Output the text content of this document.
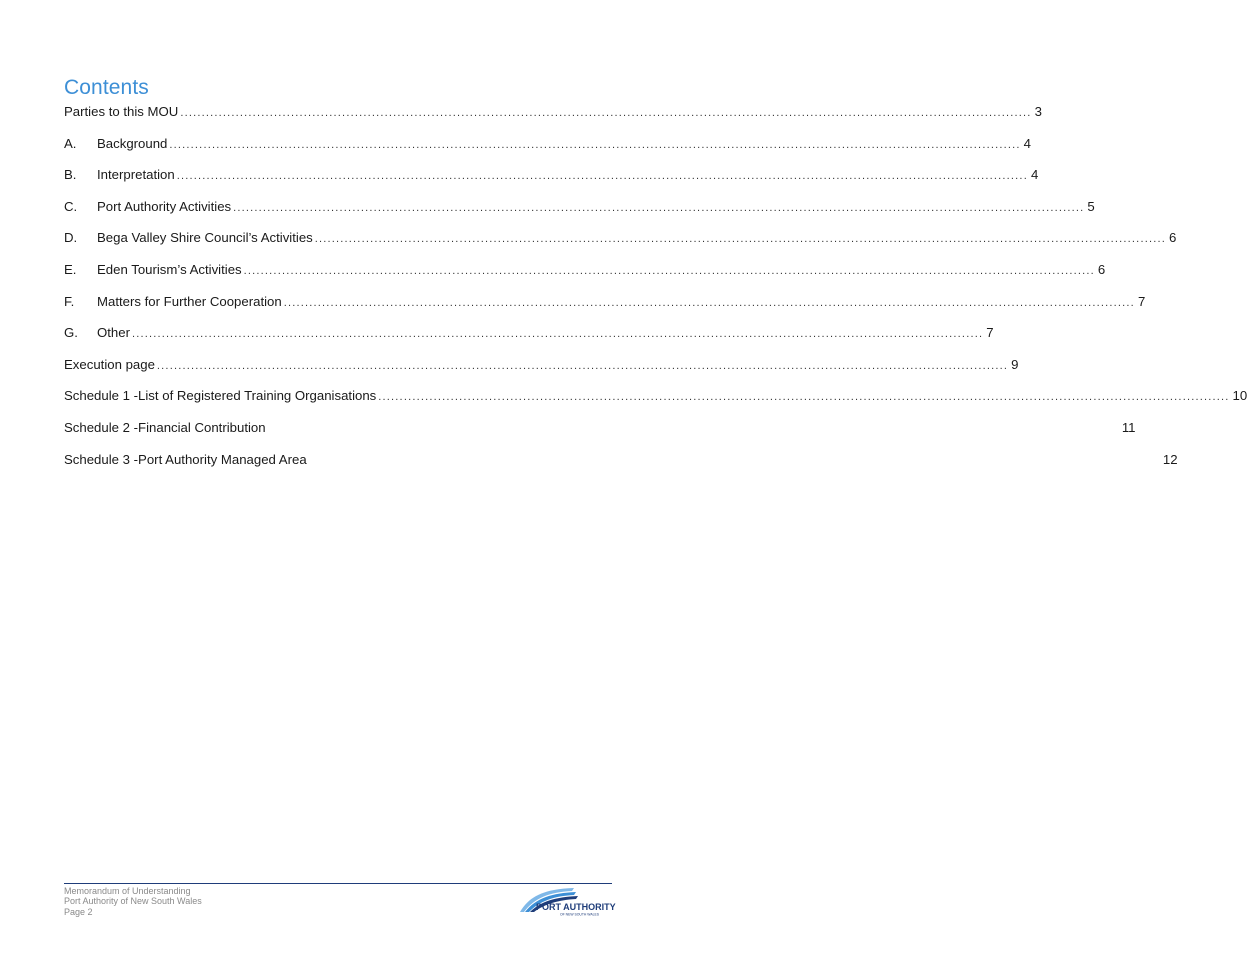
Contents
Parties to this MOU ........................................................................................................................................................................................................ 3
A.	Background ........................................................................................................................................................................................................ 4
B.	Interpretation ........................................................................................................................................................................................................ 4
C.	Port Authority Activities ........................................................................................................................................................................................................ 5
D.	Bega Valley Shire Council’s Activities ........................................................................................................................................................................................................ 6
E.	Eden Tourism’s Activities ........................................................................................................................................................................................................ 6
F.	Matters for Further Cooperation ........................................................................................................................................................................................................ 7
G.	Other ........................................................................................................................................................................................................ 7
Execution page ........................................................................................................................................................................................................ 9
Schedule 1 -List of Registered Training Organisations ........................................................................................................................................................................................................ 10
Schedule 2 -Financial Contribution	11
Schedule 3 -Port Authority Managed Area	12
Memorandum of Understanding
Port Authority of New South Wales
Page 2	PORT AUTHORITY
OF NEW SOUTH WALES
